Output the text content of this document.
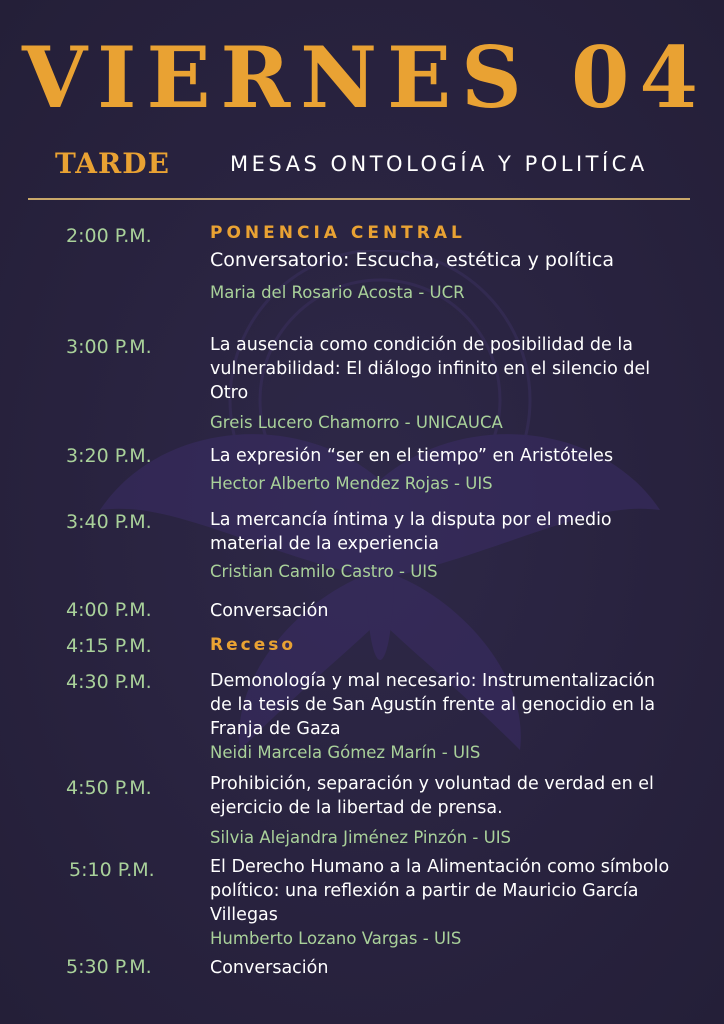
VIERNES 04
TARDE	MESAS ONTOLOGÍA Y POLITÍCA
2:00 P.M.	PONENCIA CENTRAL
Conversatorio: Escucha, estética y política
Maria del Rosario Acosta - UCR
3:00 P.M.	La ausencia como condición de posibilidad de la vulnerabilidad: El diálogo infinito en el silencio del Otro
Greis Lucero Chamorro - UNICAUCA
3:20 P.M.	La expresión “ser en el tiempo” en Aristóteles
Hector Alberto Mendez Rojas - UIS
3:40 P.M.	La mercancía íntima y la disputa por el medio material de la experiencia
Cristian Camilo Castro - UIS
4:00 P.M.	Conversación
4:15 P.M.	Receso
4:30 P.M.	Demonología y mal necesario: Instrumentalización de la tesis de San Agustín frente al genocidio en la Franja de Gaza
Neidi Marcela Gómez Marín - UIS
4:50 P.M.	Prohibición, separación y voluntad de verdad en el ejercicio de la libertad de prensa.
Silvia Alejandra Jiménez Pinzón - UIS
5:10 P.M.	El Derecho Humano a la Alimentación como símbolo político: una reflexión a partir de Mauricio García Villegas
Humberto Lozano Vargas - UIS
5:30 P.M.	Conversación
